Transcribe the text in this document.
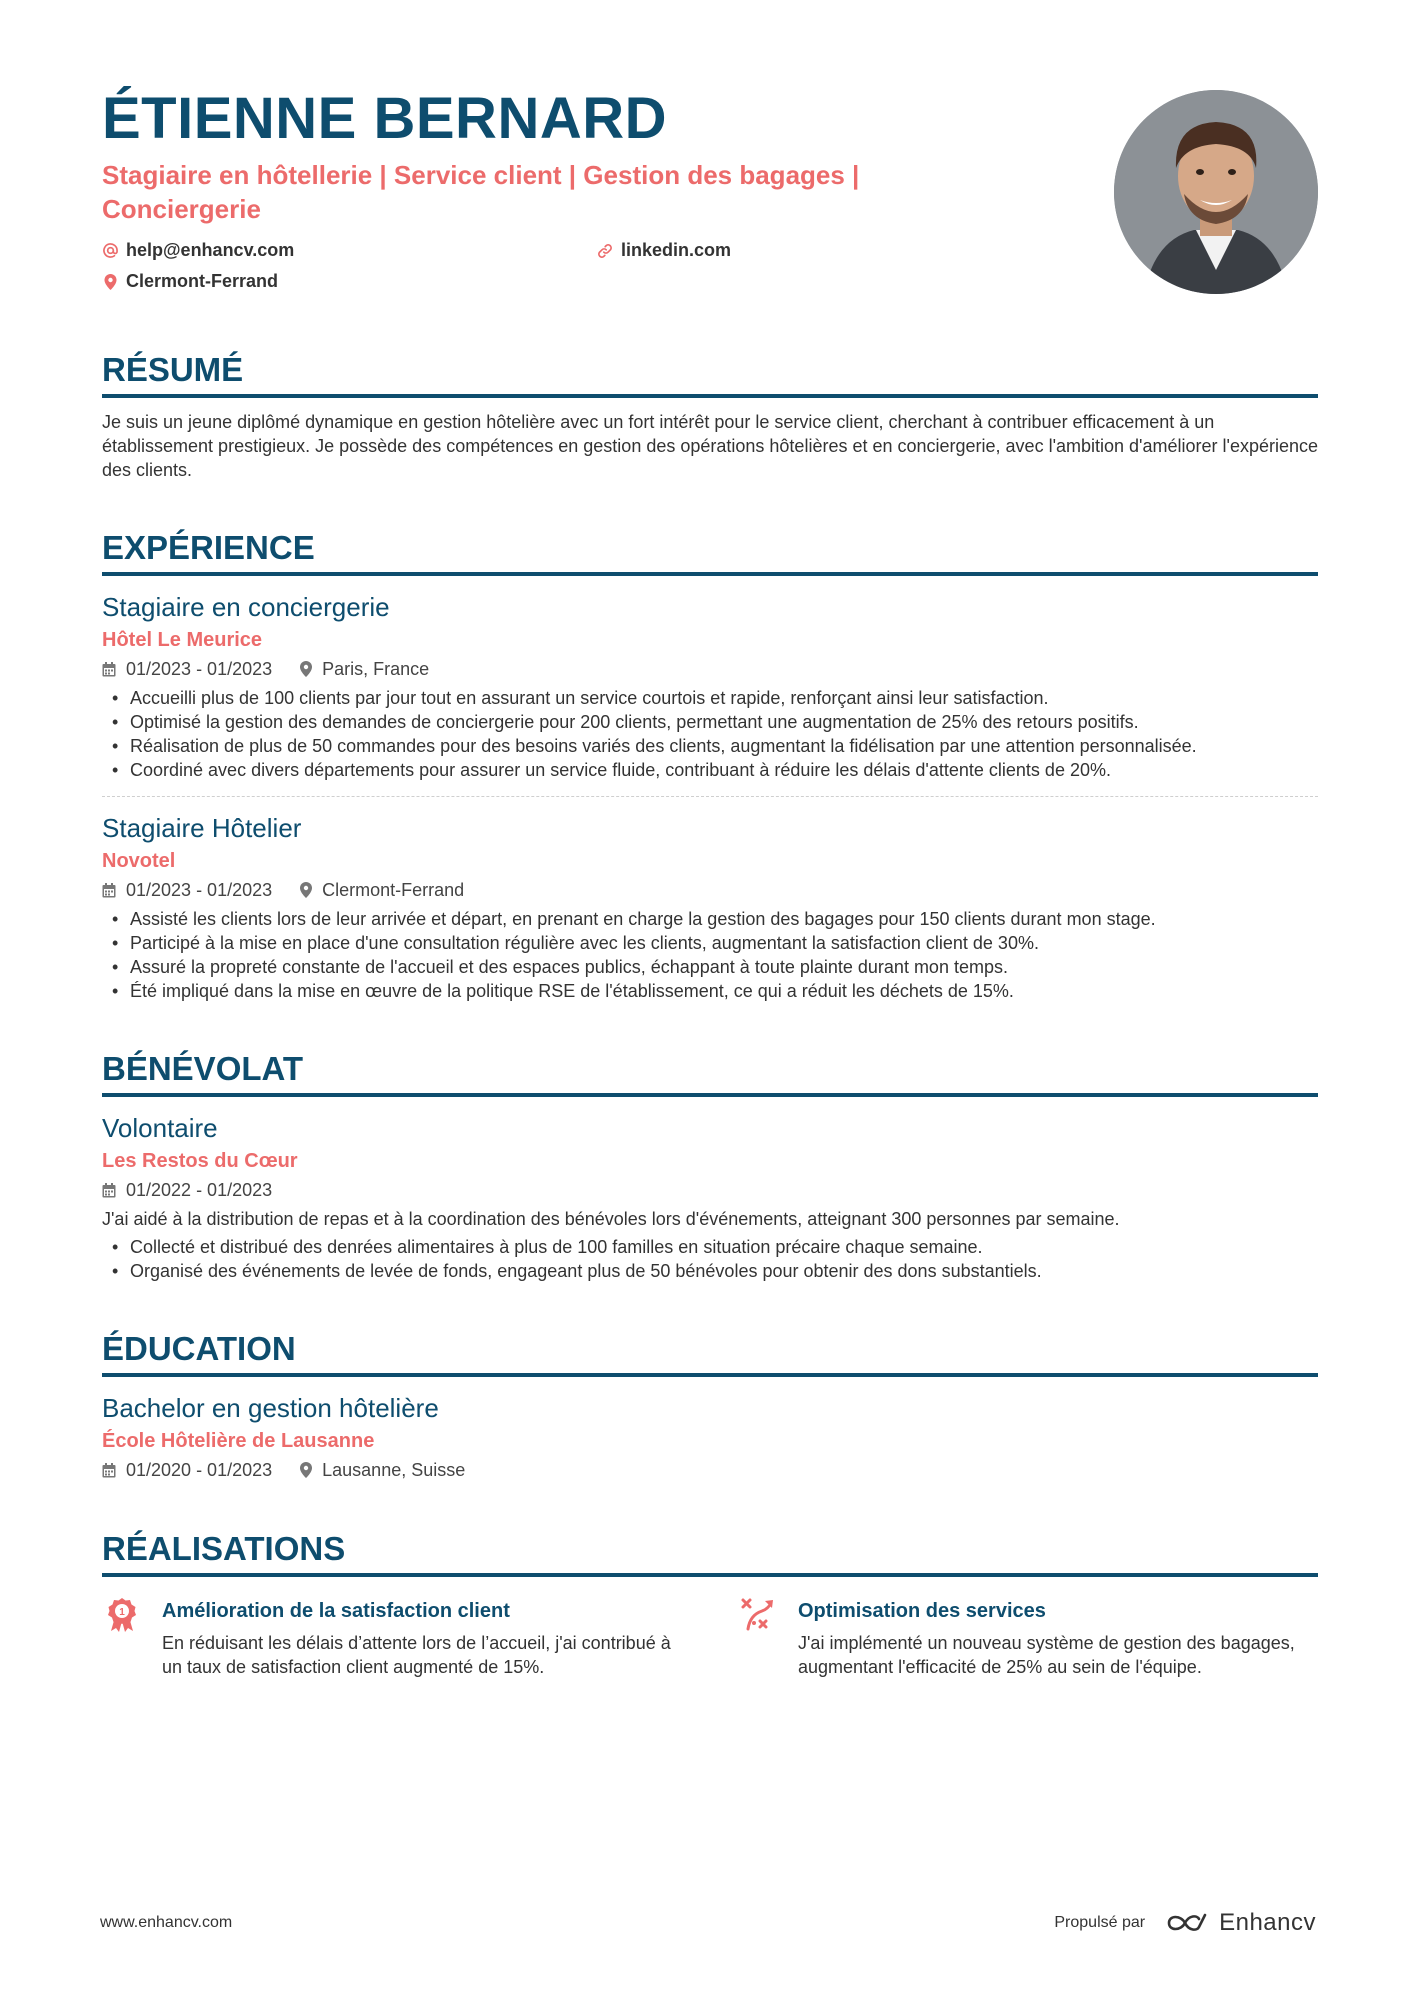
ÉTIENNE BERNARD
Stagiaire en hôtellerie | Service client | Gestion des bagages | Conciergerie
help@enhancv.com	linkedin.com
Clermont-Ferrand
RÉSUMÉ
Je suis un jeune diplômé dynamique en gestion hôtelière avec un fort intérêt pour le service client, cherchant à contribuer efficacement à un établissement prestigieux. Je possède des compétences en gestion des opérations hôtelières et en conciergerie, avec l'ambition d'améliorer l'expérience des clients.
EXPÉRIENCE
Stagiaire en conciergerie
Hôtel Le Meurice
01/2023 - 01/2023	Paris, France
• Accueilli plus de 100 clients par jour tout en assurant un service courtois et rapide, renforçant ainsi leur satisfaction.
• Optimisé la gestion des demandes de conciergerie pour 200 clients, permettant une augmentation de 25% des retours positifs.
• Réalisation de plus de 50 commandes pour des besoins variés des clients, augmentant la fidélisation par une attention personnalisée.
• Coordiné avec divers départements pour assurer un service fluide, contribuant à réduire les délais d'attente clients de 20%.
Stagiaire Hôtelier
Novotel
01/2023 - 01/2023	Clermont-Ferrand
• Assisté les clients lors de leur arrivée et départ, en prenant en charge la gestion des bagages pour 150 clients durant mon stage.
• Participé à la mise en place d'une consultation régulière avec les clients, augmentant la satisfaction client de 30%.
• Assuré la propreté constante de l'accueil et des espaces publics, échappant à toute plainte durant mon temps.
• Été impliqué dans la mise en œuvre de la politique RSE de l'établissement, ce qui a réduit les déchets de 15%.
BÉNÉVOLAT
Volontaire
Les Restos du Cœur
01/2022 - 01/2023
J'ai aidé à la distribution de repas et à la coordination des bénévoles lors d'événements, atteignant 300 personnes par semaine.
• Collecté et distribué des denrées alimentaires à plus de 100 familles en situation précaire chaque semaine.
• Organisé des événements de levée de fonds, engageant plus de 50 bénévoles pour obtenir des dons substantiels.
ÉDUCATION
Bachelor en gestion hôtelière
École Hôtelière de Lausanne
01/2020 - 01/2023	Lausanne, Suisse
RÉALISATIONS
1 Amélioration de la satisfaction client
En réduisant les délais d’attente lors de l’accueil, j'ai contribué à un taux de satisfaction client augmenté de 15%.
Optimisation des services
J'ai implémenté un nouveau système de gestion des bagages, augmentant l'efficacité de 25% au sein de l'équipe.
www.enhancv.com	Propulsé par	Enhancv
